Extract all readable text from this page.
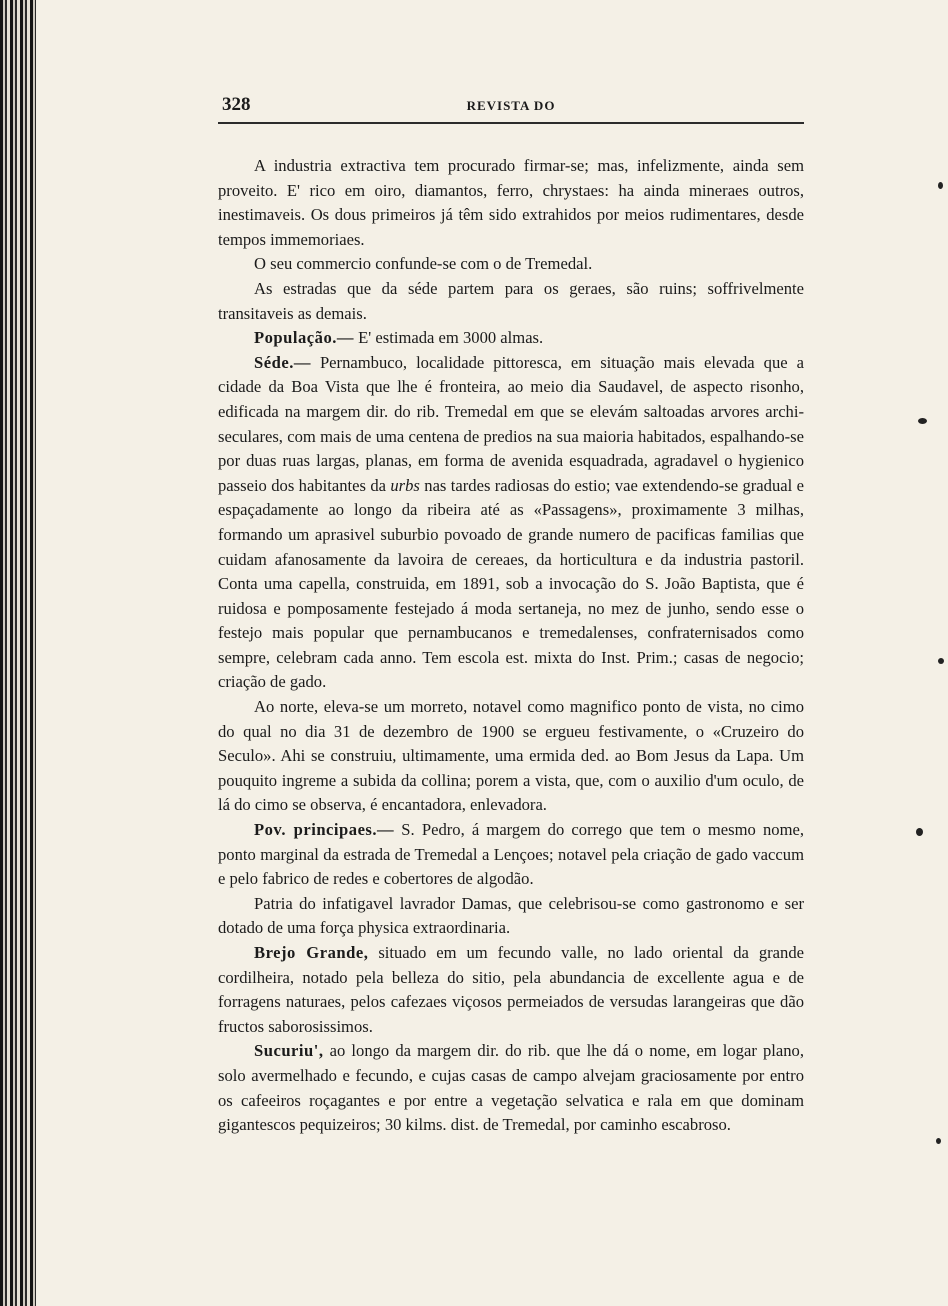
328	REVISTA DO

A industria extractiva tem procurado firmar-se; mas, infelizmente, ainda sem proveito. E' rico em oiro, diamantos, ferro, chrystaes: ha ainda mineraes outros, inestimaveis. Os dous primeiros já têm sido extrahidos por meios rudimentares, desde tempos immemoriaes.

O seu commercio confunde-se com o de Tremedal.

As estradas que da séde partem para os geraes, são ruins; soffrivelmente transitaveis as demais.

População.— E' estimada em 3000 almas.

Séde.— Pernambuco, localidade pittoresca, em situação mais elevada que a cidade da Boa Vista que lhe é fronteira, ao meio dia Saudavel, de aspecto risonho, edificada na margem dir. do rib. Tremedal em que se elevám saltoadas arvores archi-seculares, com mais de uma centena de predios na sua maioria habitados, espalhando-se por duas ruas largas, planas, em forma de avenida esquadrada, agradavel o hygienico passeio dos habitantes da urbs nas tardes radiosas do estio; vae extendendo-se gradual e espaçadamente ao longo da ribeira até as «Passagens», proximamente 3 milhas, formando um aprasivel suburbio povoado de grande numero de pacificas familias que cuidam afanosamente da lavoira de cereaes, da horticultura e da industria pastoril. Conta uma capella, construida, em 1891, sob a invocação do S. João Baptista, que é ruidosa e pomposamente festejado á moda sertaneja, no mez de junho, sendo esse o festejo mais popular que pernambucanos e tremedalenses, confraternisados como sempre, celebram cada anno. Tem escola est. mixta do Inst. Prim.; casas de negocio; criação de gado.

Ao norte, eleva-se um morreto, notavel como magnifico ponto de vista, no cimo do qual no dia 31 de dezembro de 1900 se ergueu festivamente, o «Cruzeiro do Seculo». Ahi se construiu, ultimamente, uma ermida ded. ao Bom Jesus da Lapa. Um pouquito ingreme a subida da collina; porem a vista, que, com o auxilio d'um oculo, de lá do cimo se observa, é encantadora, enlevadora.

Pov. principaes.— S. Pedro, á margem do corrego que tem o mesmo nome, ponto marginal da estrada de Tremedal a Lençoes; notavel pela criação de gado vaccum e pelo fabrico de redes e cobertores de algodão.

Patria do infatigavel lavrador Damas, que celebrisou-se como gastronomo e ser dotado de uma força physica extraordinaria.

Brejo Grande, situado em um fecundo valle, no lado oriental da grande cordilheira, notado pela belleza do sitio, pela abundancia de excellente agua e de forragens naturaes, pelos cafezaes viçosos permeiados de versudas larangeiras que dão fructos saborosissimos.

Sucuriu', ao longo da margem dir. do rib. que lhe dá o nome, em logar plano, solo avermelhado e fecundo, e cujas casas de campo alvejam graciosamente por entro os cafeeiros roçagantes e por entre a vegetação selvatica e rala em que dominam gigantescos pequizeiros; 30 kilms. dist. de Tremedal, por caminho escabroso.
